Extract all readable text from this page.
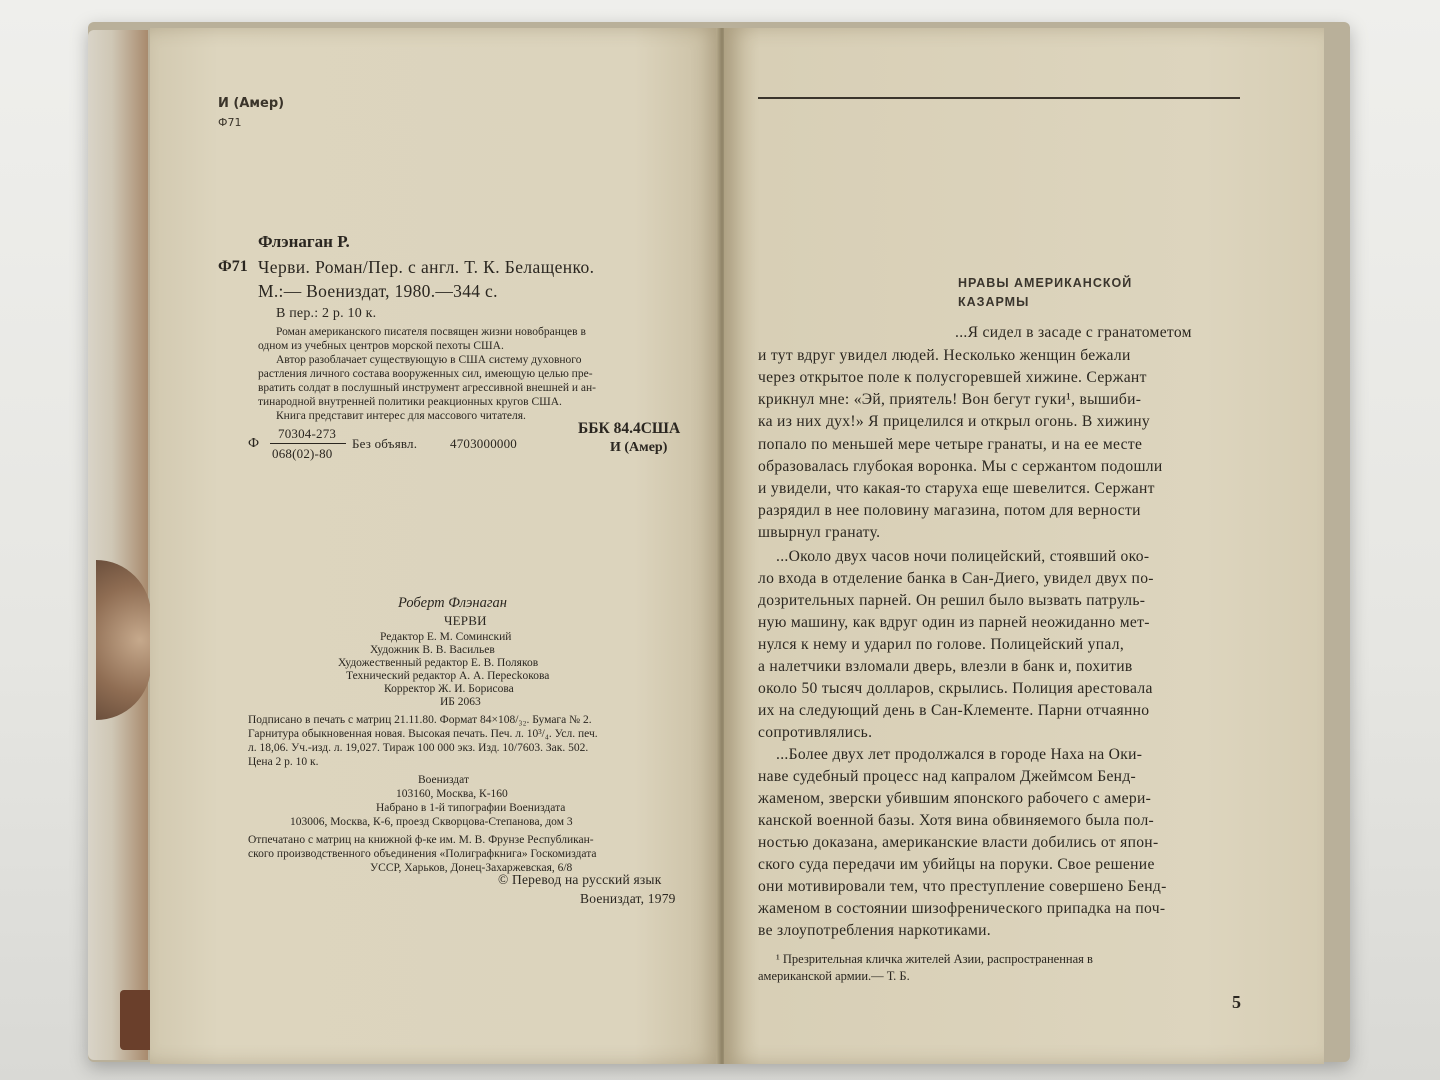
И (Амер)
Ф71
Флэнаган Р.
Ф71 Черви. Роман/Пер. с англ. Т. К. Белащенко.
М.:— Воениздат, 1980.—344 с.
В пер.: 2 р. 10 к.
Роман американского писателя посвящен жизни новобранцев в
одном из учебных центров морской пехоты США.
Автор разоблачает существующую в США систему духовного
растления личного состава вооруженных сил, имеющую целью пре-
вратить солдат в послушный инструмент агрессивной внешней и ан-
тинародной внутренней политики реакционных кругов США.
Книга представит интерес для массового читателя.
Ф
70304-273
068(02)-80
Без объявл.	4703000000
ББК 84.4США
И (Амер)
Роберт Флэнаган
ЧЕРВИ
Редактор Е. М. Соминский
Художник В. В. Васильев
Художественный редактор Е. В. Поляков
Технический редактор А. А. Пересkокова
Корректор Ж. И. Борисова
ИБ 2063
Подписано в печать с матриц 21.11.80. Формат 84×108/₃₂. Бумага № 2.
Гарнитура обыкновенная новая. Высокая печать. Печ. л. 10³/₄. Усл. печ.
л. 18,06. Уч.-изд. л. 19,027. Тираж 100 000 экз. Изд. 10/7603. Зак. 502.
Цена 2 р. 10 к.
Воениздат
103160, Москва, К-160
Набрано в 1-й типографии Воениздата
103006, Москва, К-6, проезд Скворцова-Степанова, дом 3
Отпечатано с матриц на книжной ф-ке им. М. В. Фрунзе Республикан-
ского производственного объединения «Полиграфкнига» Госкомиздата
УССР, Харьков, Донец-Захаржевская, 6/8
© Перевод на русский язык
Воениздат, 1979
НРАВЫ АМЕРИКАНСКОЙ
КАЗАРМЫ
...Я сидел в засаде с гранатометом
и тут вдруг увидел людей. Несколько женщин бежали
через открытое поле к полусгоревшей хижине. Сержант
крикнул мне: «Эй, приятель! Вон бегут гуки¹, вышиби-
ка из них дух!» Я прицелился и открыл огонь. В хижину
попало по меньшей мере четыре гранаты, и на ее месте
образовалась глубокая воронка. Мы с сержантом подошли
и увидели, что какая-то старуха еще шевелится. Сержант
разрядил в нее половину магазина, потом для верности
швырнул гранату.
...Около двух часов ночи полицейский, стоявший око-
ло входа в отделение банка в Сан-Диего, увидел двух по-
дозрительных парней. Он решил было вызвать патруль-
ную машину, как вдруг один из парней неожиданно мет-
нулся к нему и ударил по голове. Полицейский упал,
а налетчики взломали дверь, влезли в банк и, похитив
около 50 тысяч долларов, скрылись. Полиция арестовала
их на следующий день в Сан-Клементе. Парни отчаянно
сопротивлялись.
...Более двух лет продолжался в городе Наха на Оки-
наве судебный процесс над капралом Джеймсом Бенд-
жаменом, зверски убившим японского рабочего с амери-
канской военной базы. Хотя вина обвиняемого была пол-
ностью доказана, американские власти добились от япон-
ского суда передачи им убийцы на поруки. Свое решение
они мотивировали тем, что преступление совершено Бенд-
жаменом в состоянии шизофренического припадка на поч-
ве злоупотребления наркотиками.
¹ Презрительная кличка жителей Азии, распространенная в
американской армии.— Т. Б.
5
